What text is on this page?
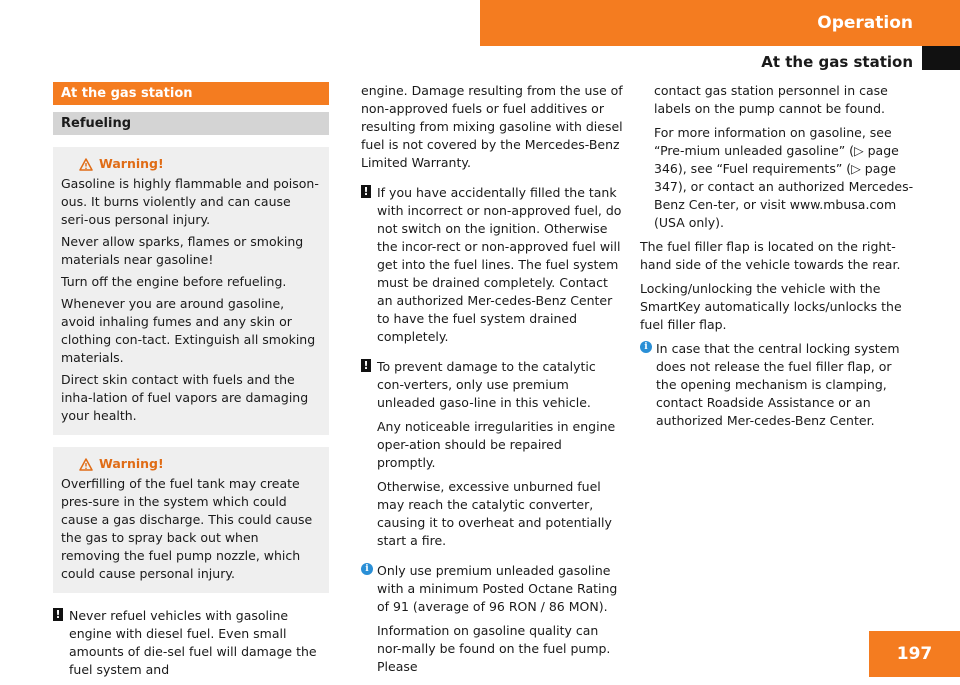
Operation
At the gas station
At the gas station
Refueling
Warning!

Gasoline is highly flammable and poison-ous. It burns violently and can cause seri-ous personal injury.

Never allow sparks, flames or smoking materials near gasoline!

Turn off the engine before refueling.

Whenever you are around gasoline, avoid inhaling fumes and any skin or clothing con-tact. Extinguish all smoking materials.

Direct skin contact with fuels and the inha-lation of fuel vapors are damaging your health.

Warning!

Overfilling of the fuel tank may create pres-sure in the system which could cause a gas discharge. This could cause the gas to spray back out when removing the fuel pump nozzle, which could cause personal injury.

! Never refuel vehicles with gasoline engine with diesel fuel. Even small amounts of die-sel fuel will damage the fuel system and

engine. Damage resulting from the use of non-approved fuels or fuel additives or resulting from mixing gasoline with diesel fuel is not covered by the Mercedes-Benz Limited Warranty.

! If you have accidentally filled the tank with incorrect or non-approved fuel, do not switch on the ignition. Otherwise the incor-rect or non-approved fuel will get into the fuel lines. The fuel system must be drained completely. Contact an authorized Mer-cedes-Benz Center to have the fuel system drained completely.

! To prevent damage to the catalytic con-verters, only use premium unleaded gaso-line in this vehicle.

Any noticeable irregularities in engine oper-ation should be repaired promptly.

Otherwise, excessive unburned fuel may reach the catalytic converter, causing it to overheat and potentially start a fire.

i Only use premium unleaded gasoline with a minimum Posted Octane Rating of 91 (average of 96 RON / 86 MON).

Information on gasoline quality can nor-mally be found on the fuel pump. Please

contact gas station personnel in case labels on the pump cannot be found.

For more information on gasoline, see “Pre-mium unleaded gasoline” (▷ page 346), see “Fuel requirements” (▷ page 347), or contact an authorized Mercedes-Benz Cen-ter, or visit www.mbusa.com (USA only).

The fuel filler flap is located on the right-hand side of the vehicle towards the rear.

Locking/unlocking the vehicle with the SmartKey automatically locks/unlocks the fuel filler flap.

i In case that the central locking system does not release the fuel filler flap, or the opening mechanism is clamping, contact Roadside Assistance or an authorized Mer-cedes-Benz Center.

197
